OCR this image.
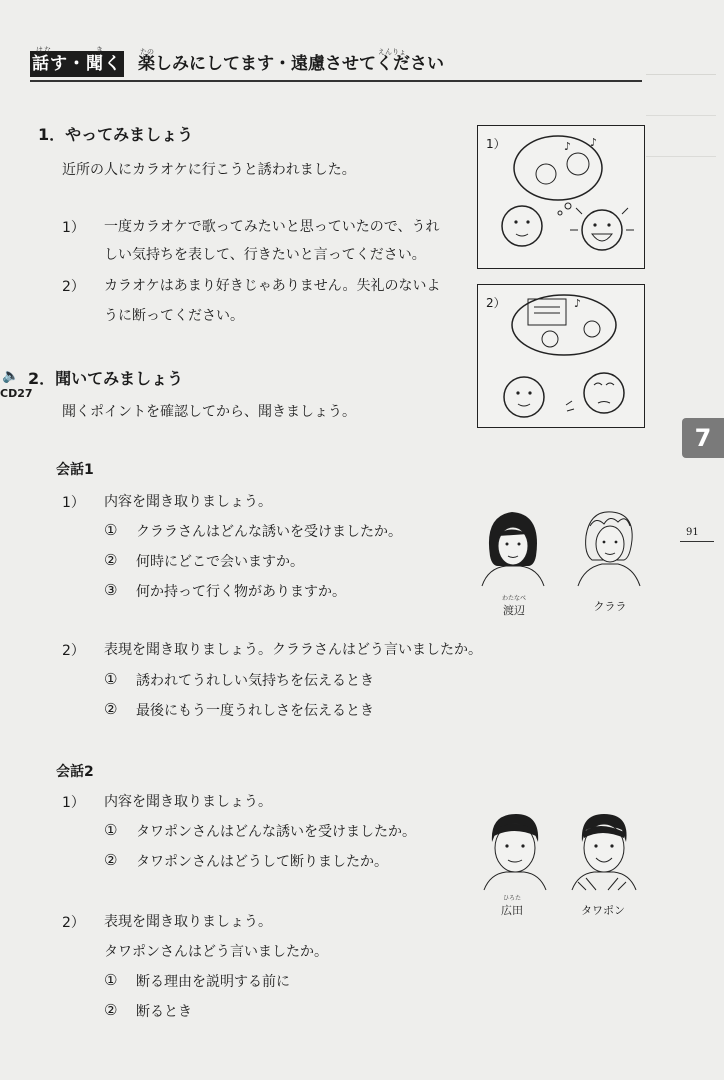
はな	き
話す・聞く
たの	えんりょ
楽しみにしてます・遠慮させてください
1．やってみましょう
近所の人にカラオケに行こうと誘われました。
1） 一度カラオケで歌ってみたいと思っていたので、うれ
しい気持ちを表して、行きたいと言ってください。
2） カラオケはあまり好きじゃありません。失礼のないよ
うに断ってください。
1）	♪ ♪
2）	♪
🔈
CD27
2．聞いてみましょう
聞くポイントを確認してから、聞きましょう。
会話1
1） 内容を聞き取りましょう。
① クララさんはどんな誘いを受けましたか。
② 何時にどこで会いますか。
③ 何か持って行く物がありますか。
2） 表現を聞き取りましょう。クララさんはどう言いましたか。
① 誘われてうれしい気持ちを伝えるとき
② 最後にもう一度うれしさを伝えるとき
わたなべ
渡辺	クララ
会話2
1） 内容を聞き取りましょう。
① タワポンさんはどんな誘いを受けましたか。
② タワポンさんはどうして断りましたか。
2） 表現を聞き取りましょう。
タワポンさんはどう言いましたか。
① 断る理由を説明する前に
② 断るとき
ひろた
広田	タワポン
7
91
